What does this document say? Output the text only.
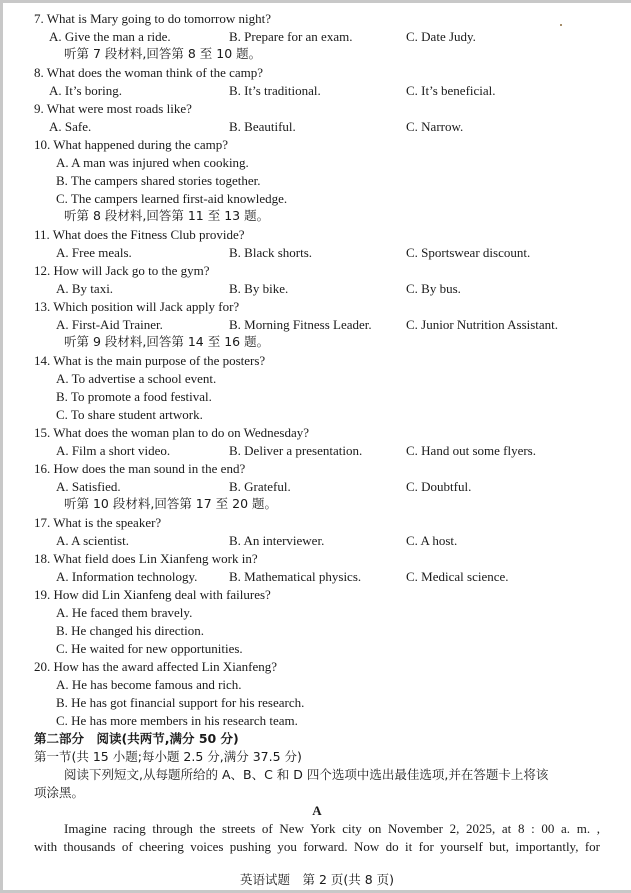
7. What is Mary going to do tomorrow night?
A. Give the man a ride.	B. Prepare for an exam.	C. Date Judy.
听第 7 段材料,回答第 8 至 10 题。
8. What does the woman think of the camp?
A. It’s boring.	B. It’s traditional.	C. It’s beneficial.
9. What were most roads like?
A. Safe.	B. Beautiful.	C. Narrow.
10. What happened during the camp?
A. A man was injured when cooking.
B. The campers shared stories together.
C. The campers learned first-aid knowledge.
听第 8 段材料,回答第 11 至 13 题。
11. What does the Fitness Club provide?
A. Free meals.	B. Black shorts.	C. Sportswear discount.
12. How will Jack go to the gym?
A. By taxi.	B. By bike.	C. By bus.
13. Which position will Jack apply for?
A. First-Aid Trainer.	B. Morning Fitness Leader.	C. Junior Nutrition Assistant.
听第 9 段材料,回答第 14 至 16 题。
14. What is the main purpose of the posters?
A. To advertise a school event.
B. To promote a food festival.
C. To share student artwork.
15. What does the woman plan to do on Wednesday?
A. Film a short video.	B. Deliver a presentation.	C. Hand out some flyers.
16. How does the man sound in the end?
A. Satisfied.	B. Grateful.	C. Doubtful.
听第 10 段材料,回答第 17 至 20 题。
17. What is the speaker?
A. A scientist.	B. An interviewer.	C. A host.
18. What field does Lin Xianfeng work in?
A. Information technology. B. Mathematical physics.	C. Medical science.
19. How did Lin Xianfeng deal with failures?
A. He faced them bravely.
B. He changed his direction.
C. He waited for new opportunities.
20. How has the award affected Lin Xianfeng?
A. He has become famous and rich.
B. He has got financial support for his research.
C. He has more members in his research team.
第二部分　阅读(共两节,满分 50 分)
第一节(共 15 小题;每小题 2.5 分,满分 37.5 分)
阅读下列短文,从每题所给的 A、B、C 和 D 四个选项中选出最佳选项,并在答题卡上将该
项涂黑。
A
Imagine racing through the streets of New York city on November 2, 2025, at 8 : 00 a. m. ,
with thousands of cheering voices pushing you forward. Now do it for yourself but, importantly, for
英语试题　第 2 页(共 8 页)
